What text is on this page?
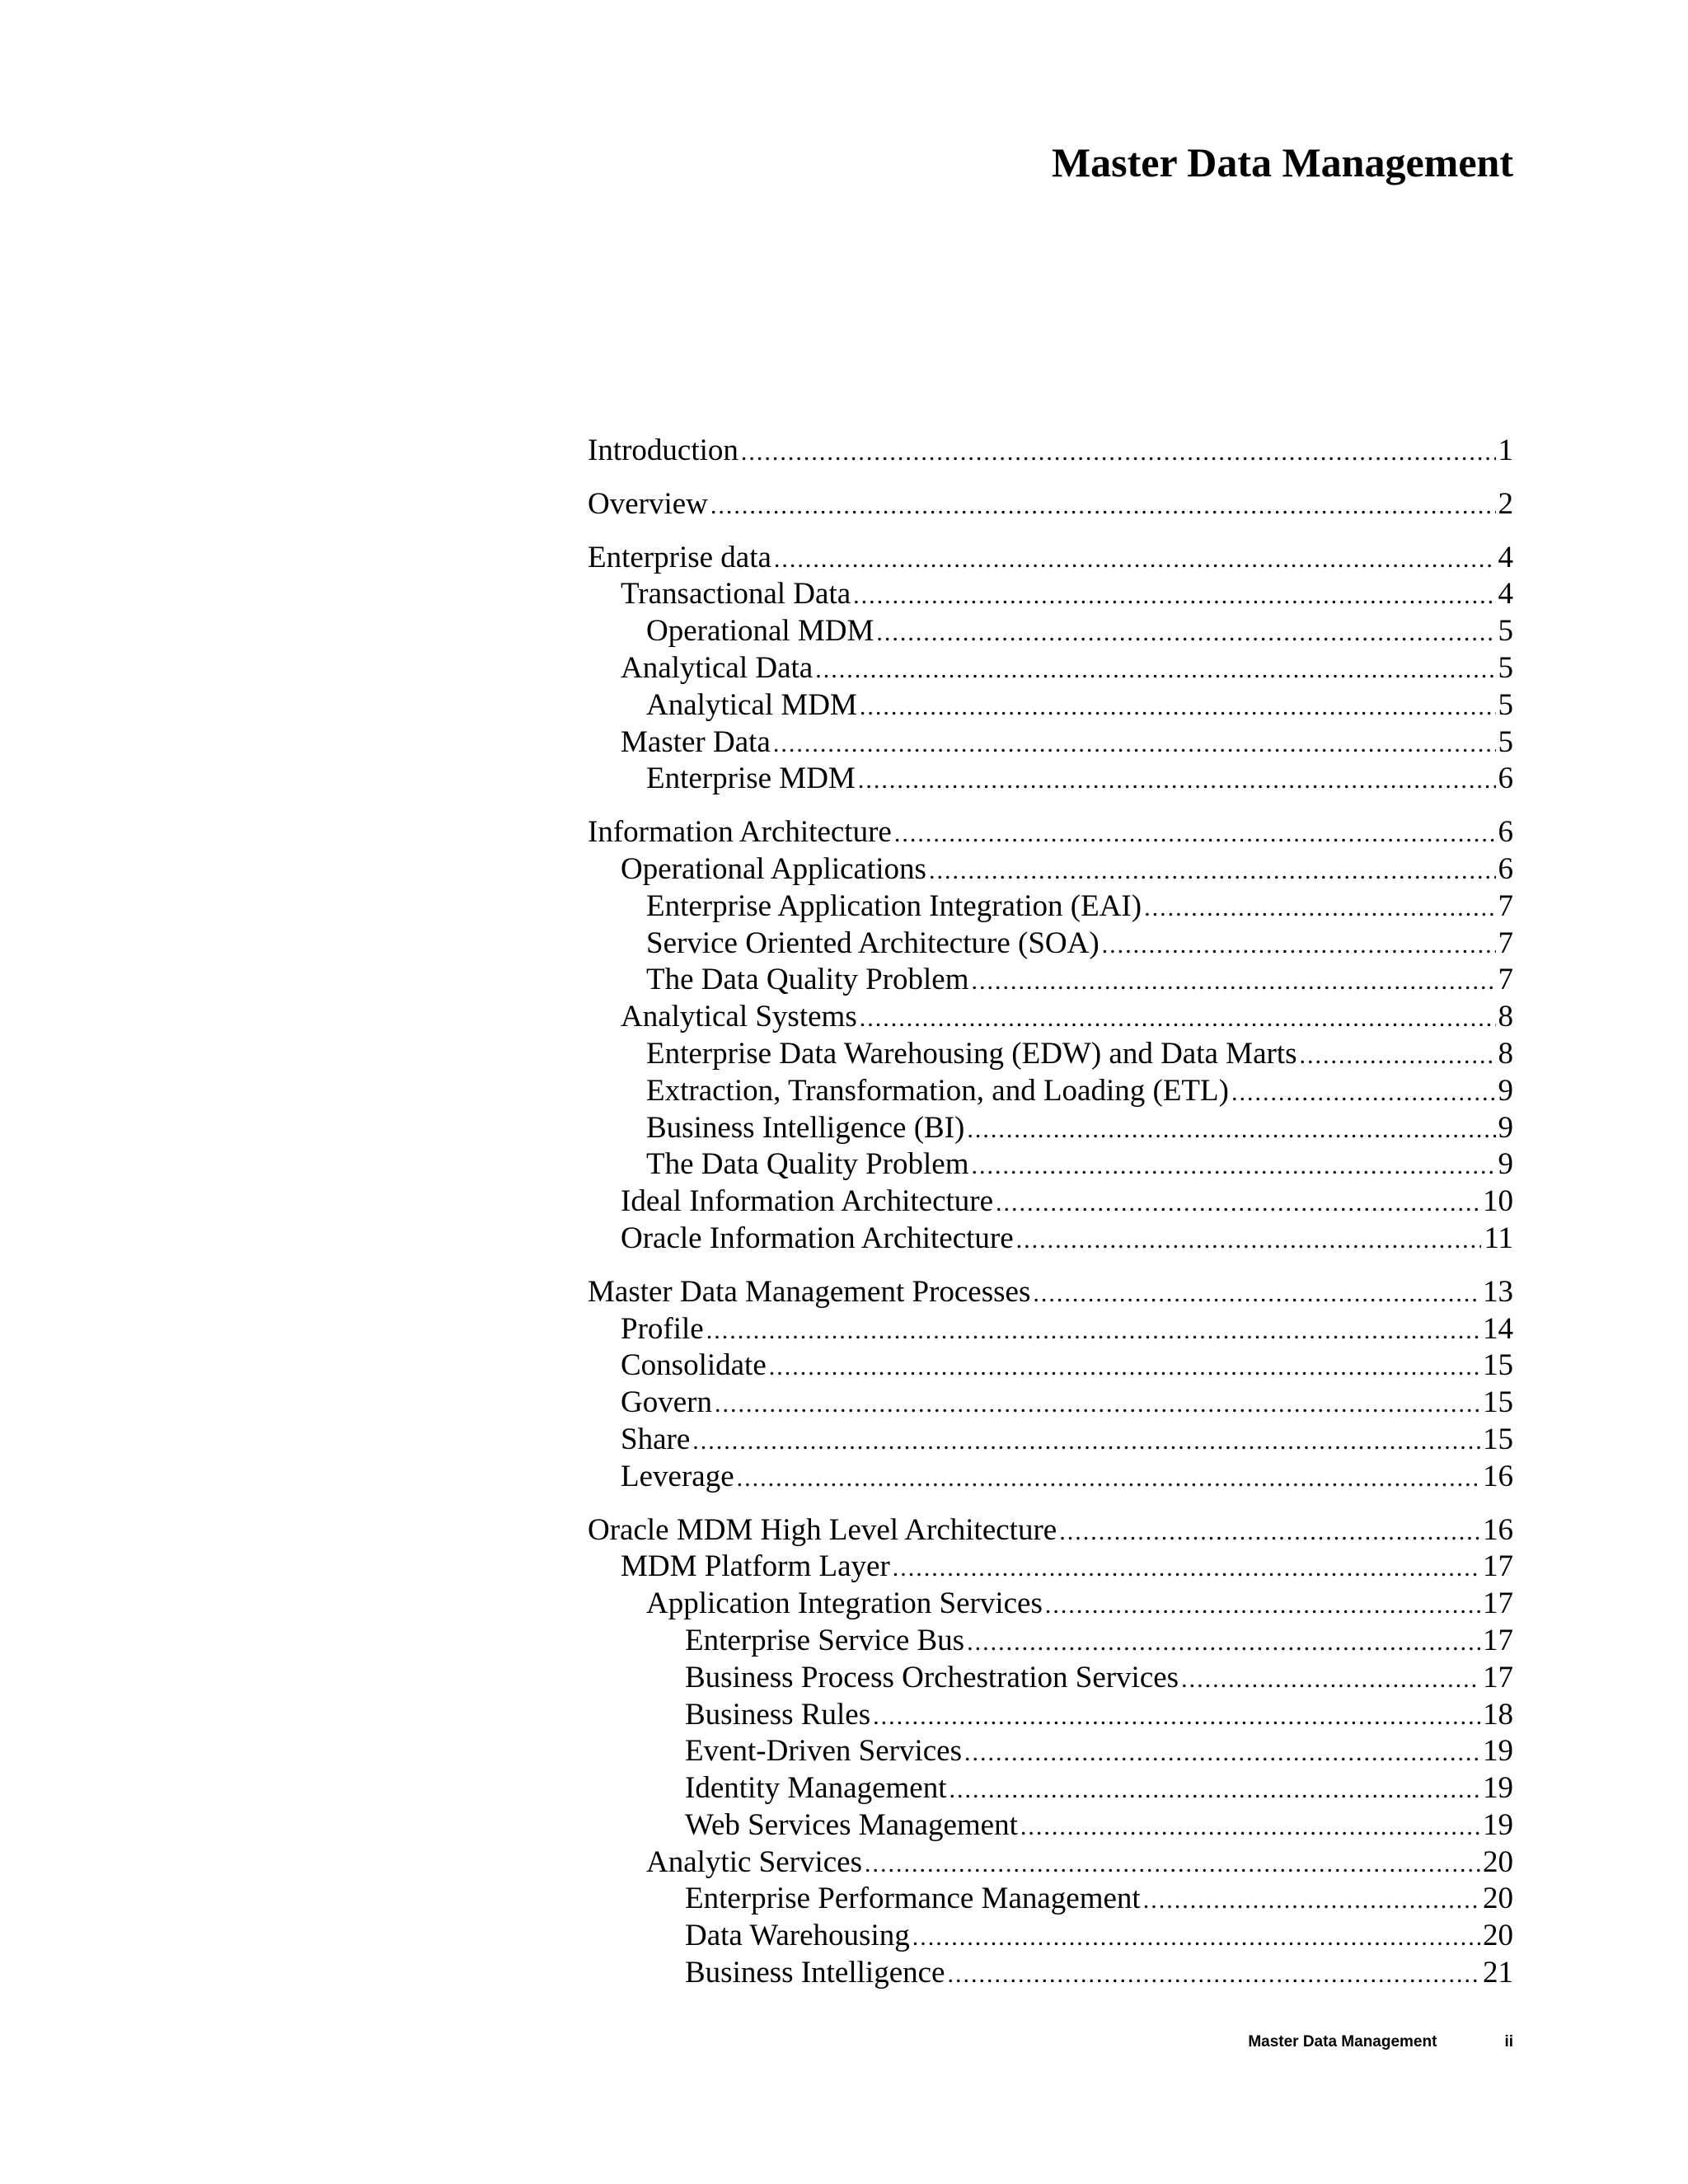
Master Data Management
Introduction .....	1
Overview .....	2
Enterprise data .....	4
Transactional Data .....	4
Operational MDM .....	5
Analytical Data .....	5
Analytical MDM .....	5
Master Data .....	5
Enterprise MDM .....	6
Information Architecture .....	6
Operational Applications .....	6
Enterprise Application Integration (EAI) .....	7
Service Oriented Architecture (SOA) .....	7
The Data Quality Problem .....	7
Analytical Systems .....	8
Enterprise Data Warehousing (EDW) and Data Marts .....	8
Extraction, Transformation, and Loading (ETL) .....	9
Business Intelligence (BI) .....	9
The Data Quality Problem .....	9
Ideal Information Architecture .....	10
Oracle Information Architecture .....	11
Master Data Management Processes .....	13
Profile .....	14
Consolidate .....	15
Govern .....	15
Share .....	15
Leverage .....	16
Oracle MDM High Level Architecture .....	16
MDM Platform Layer .....	17
Application Integration Services .....	17
Enterprise Service Bus .....	17
Business Process Orchestration Services .....	17
Business Rules .....	18
Event-Driven Services .....	19
Identity Management .....	19
Web Services Management .....	19
Analytic Services .....	20
Enterprise Performance Management .....	20
Data Warehousing .....	20
Business Intelligence .....	21
Master Data Management	ii
